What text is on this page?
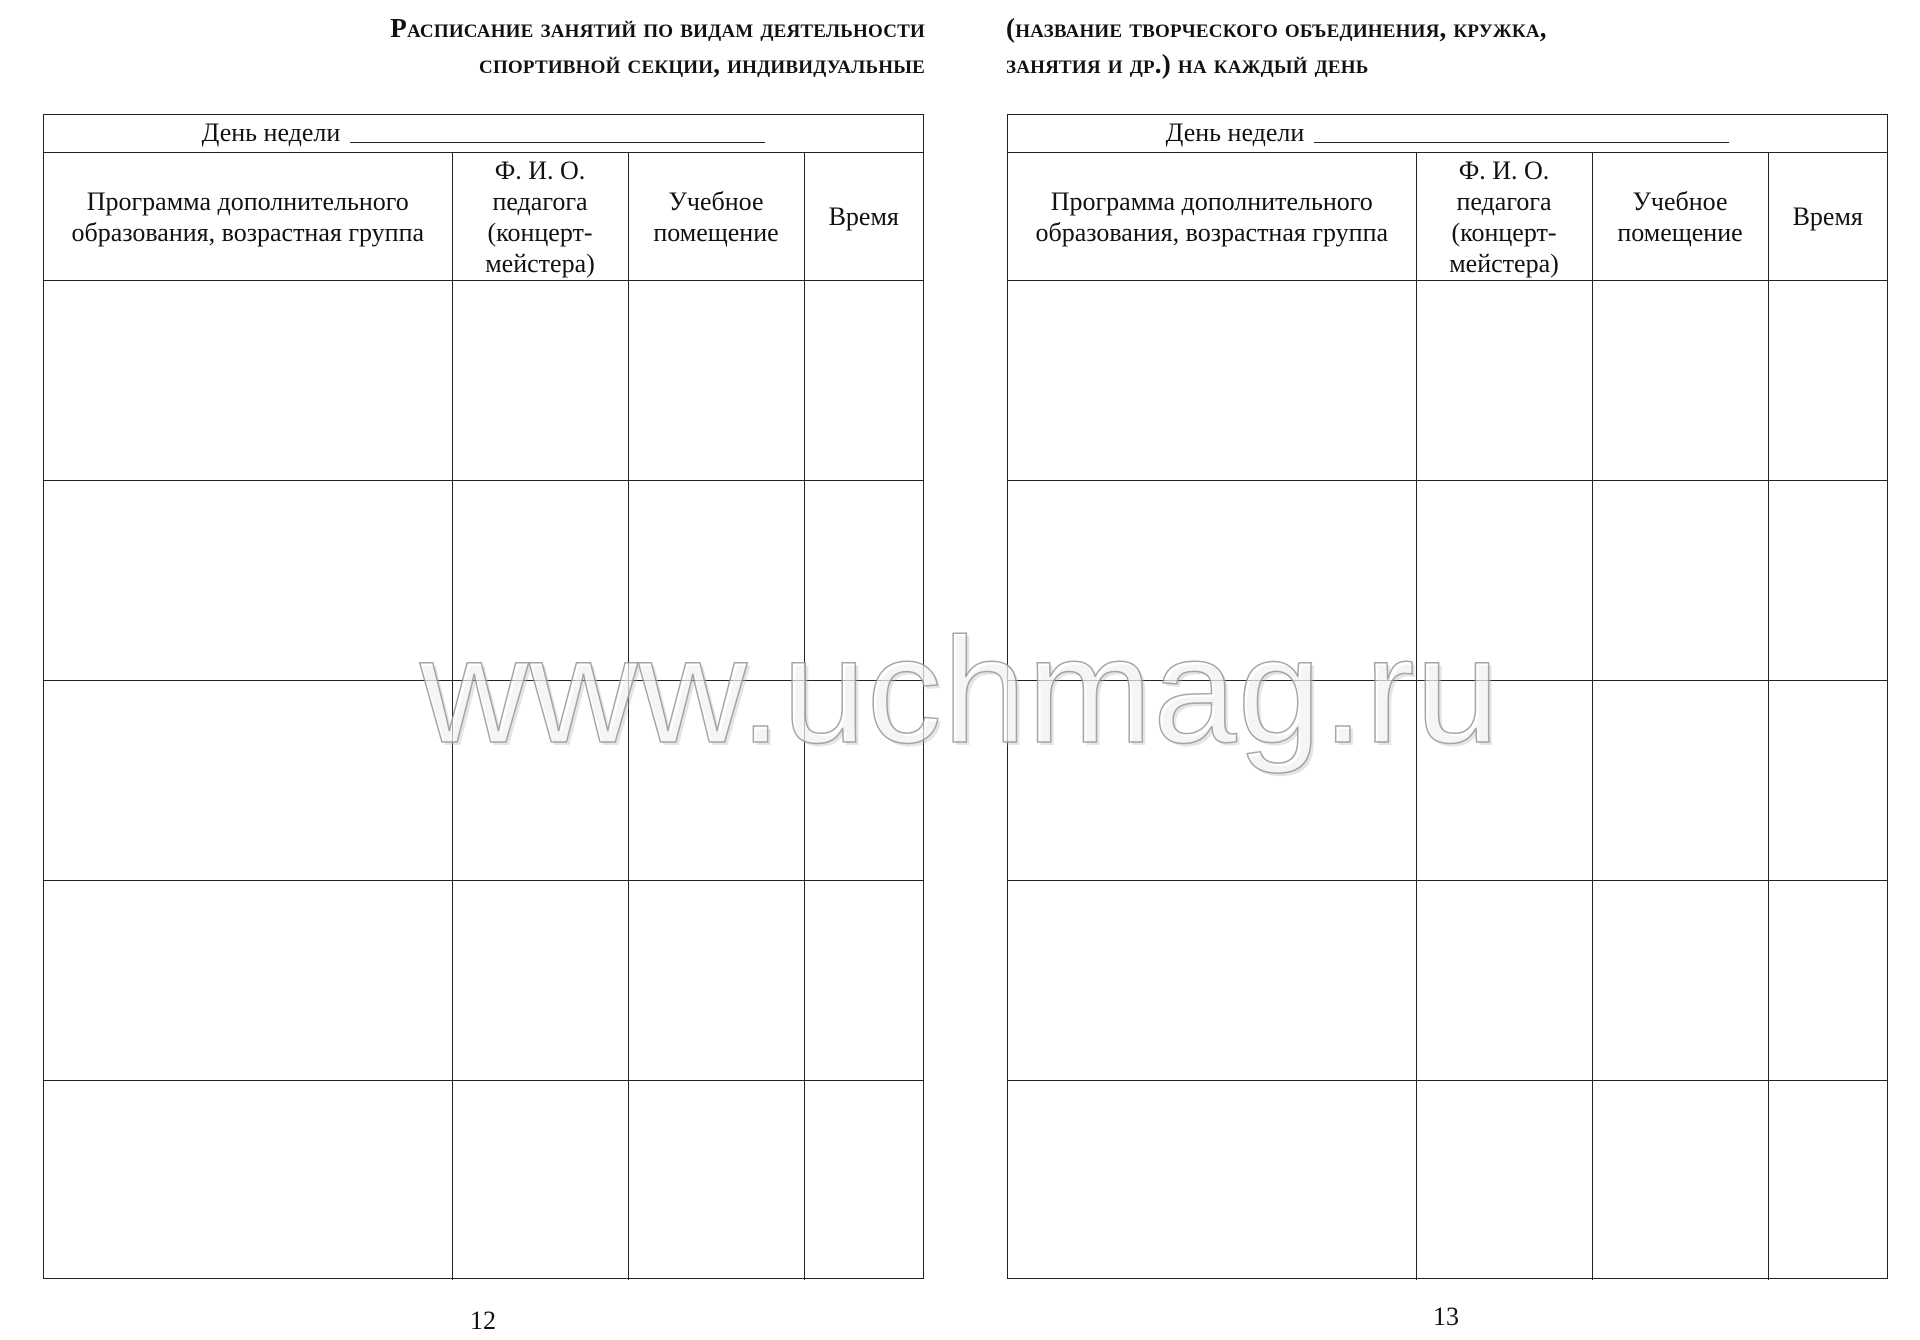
Расписание занятий по видам деятельности
спортивной секции, индивидуальные
День недели
Программа дополнительного образования, возрастная группа	Ф. И. О. педагога (концерт-мейстера)	Учебное помещение	Время

12
(название творческого объединения, кружка,
занятия и др.) на каждый день
День недели
Программа дополнительного образования, возрастная группа	Ф. И. О. педагога (концерт-мейстера)	Учебное помещение	Время

13
www.uchmag.ru
